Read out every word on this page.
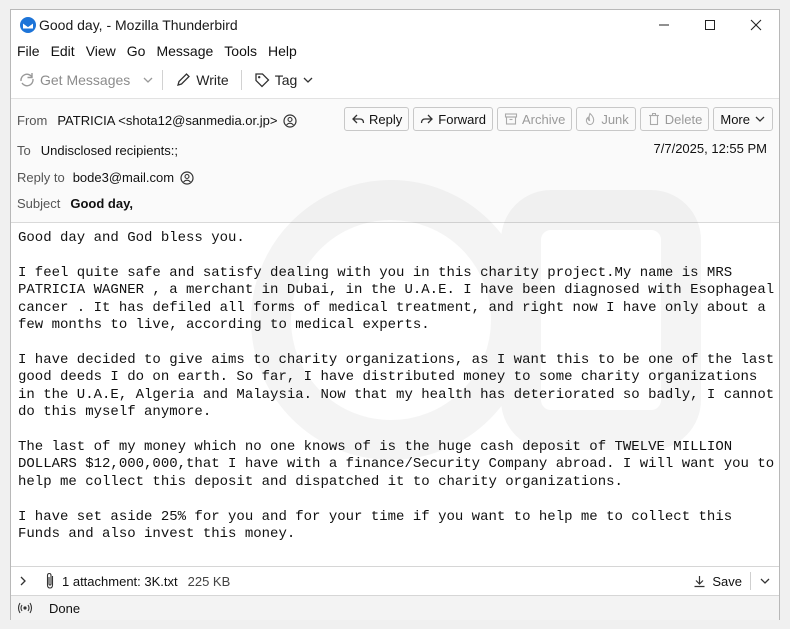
Good day, - Mozilla Thunderbird
File Edit View Go Message Tools Help
Get Messages	Write	Tag
From PATRICIA <shota12@sanmedia.or.jp>	Reply	Forward	Archive	Junk	Delete More
To Undisclosed recipients:;	7/7/2025, 12:55 PM
Reply to bode3@mail.com
Subject Good day,
Good day and God bless you.

I feel quite safe and satisfy dealing with you in this charity project.My name is MRS PATRICIA WAGNER , a merchant in Dubai, in the U.A.E. I have been diagnosed with Esophageal cancer . It has defiled all forms of medical treatment, and right now I have only about a few months to live, according to medical experts.

I have decided to give aims to charity organizations, as I want this to be one of the last good deeds I do on earth. So far, I have distributed money to some charity organizations in the U.A.E, Algeria and Malaysia. Now that my health has deteriorated so badly, I cannot do this myself anymore.

The last of my money which no one knows of is the huge cash deposit of TWELVE MILLION DOLLARS $12,000,000,that I have with a finance/Security Company abroad. I will want you to help me collect this deposit and dispatched it to charity organizations.

I have set aside 25% for you and for your time if you want to help me to collect this Funds and also invest this money.
1 attachment: 3K.txt 225 KB	Save
Done
